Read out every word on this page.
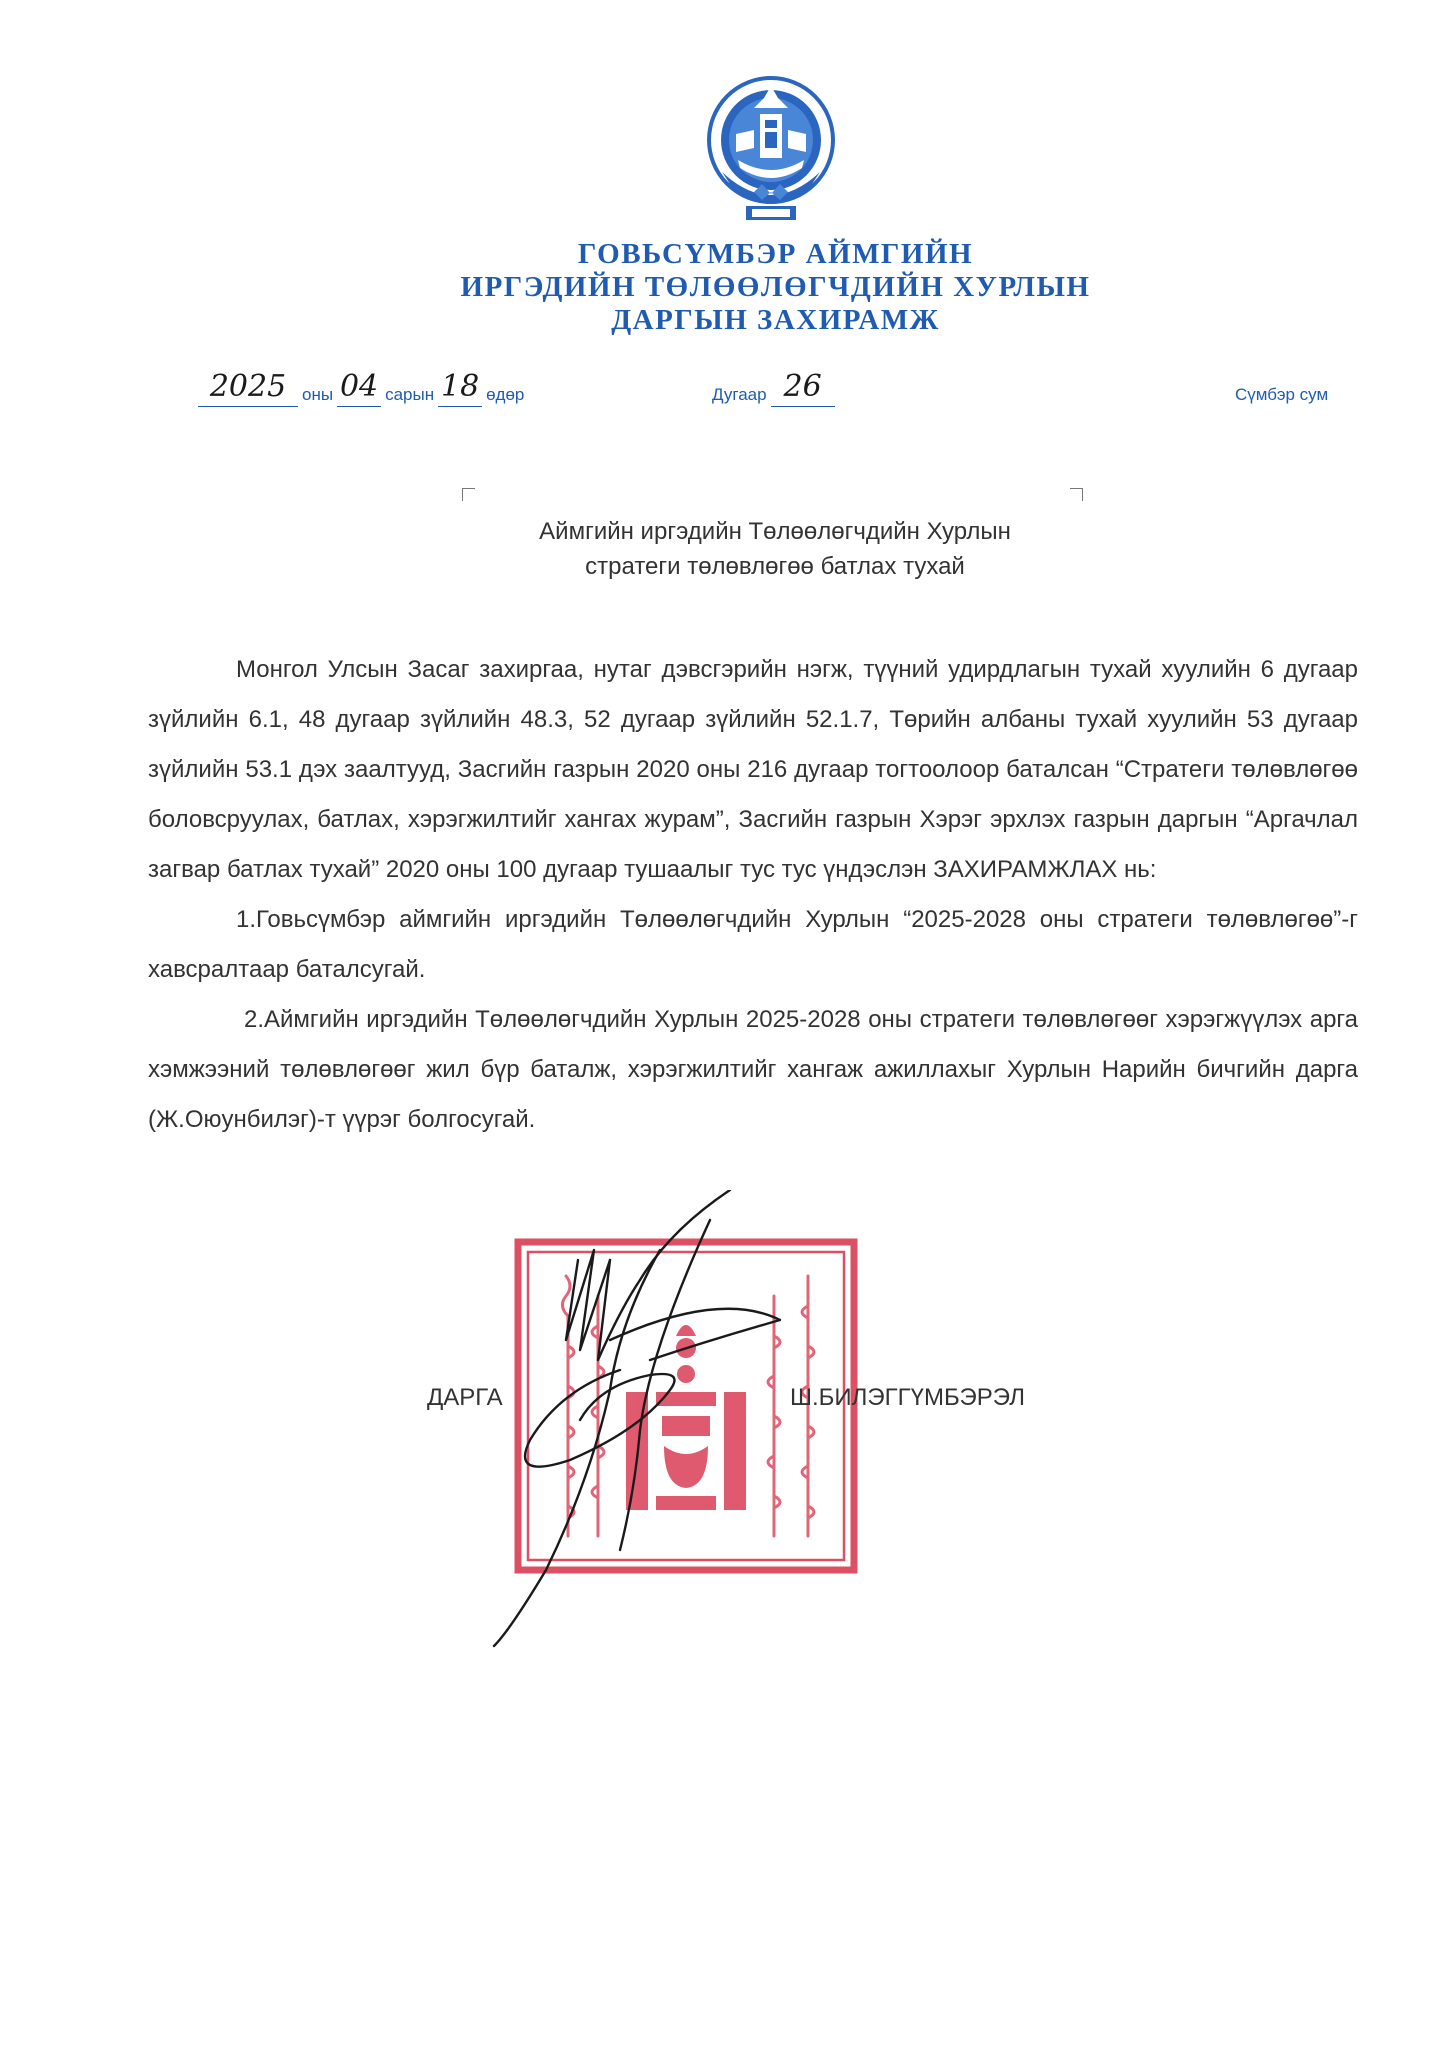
ГОВЬСҮМБЭР АЙМГИЙН
ИРГЭДИЙН ТӨЛӨӨЛӨГЧДИЙН ХУРЛЫН
ДАРГЫН ЗАХИРАМЖ
2025 оны 04 сарын 18 өдөр	Дугаар 26	Сүмбэр сум
Аймгийн иргэдийн Төлөөлөгчдийн Хурлын
стратеги төлөвлөгөө батлах тухай

Монгол Улсын Засаг захиргаа, нутаг дэвсгэрийн нэгж, түүний удирдлагын тухай хуулийн 6 дугаар зүйлийн 6.1, 48 дугаар зүйлийн 48.3, 52 дугаар зүйлийн 52.1.7, Төрийн албаны тухай хуулийн 53 дугаар зүйлийн 53.1 дэх заалтууд, Засгийн газрын 2020 оны 216 дугаар тогтоолоор баталсан “Стратеги төлөвлөгөө боловсруулах, батлах, хэрэгжилтийг хангах журам”, Засгийн газрын Хэрэг эрхлэх газрын даргын “Аргачлал загвар батлах тухай” 2020 оны 100 дугаар тушаалыг тус тус үндэслэн ЗАХИРАМЖЛАХ нь:

1.Говьсүмбэр аймгийн иргэдийн Төлөөлөгчдийн Хурлын “2025-2028 оны стратеги төлөвлөгөө”-г хавсралтаар баталсугай.

2.Аймгийн иргэдийн Төлөөлөгчдийн Хурлын 2025-2028 оны стратеги төлөвлөгөөг хэрэгжүүлэх арга хэмжээний төлөвлөгөөг жил бүр баталж, хэрэгжилтийг хангаж ажиллахыг Хурлын Нарийн бичгийн дарга (Ж.Оюунбилэг)-т үүрэг болгосугай.

ДАРГА	Ш.БИЛЭГГҮМБЭРЭЛ
